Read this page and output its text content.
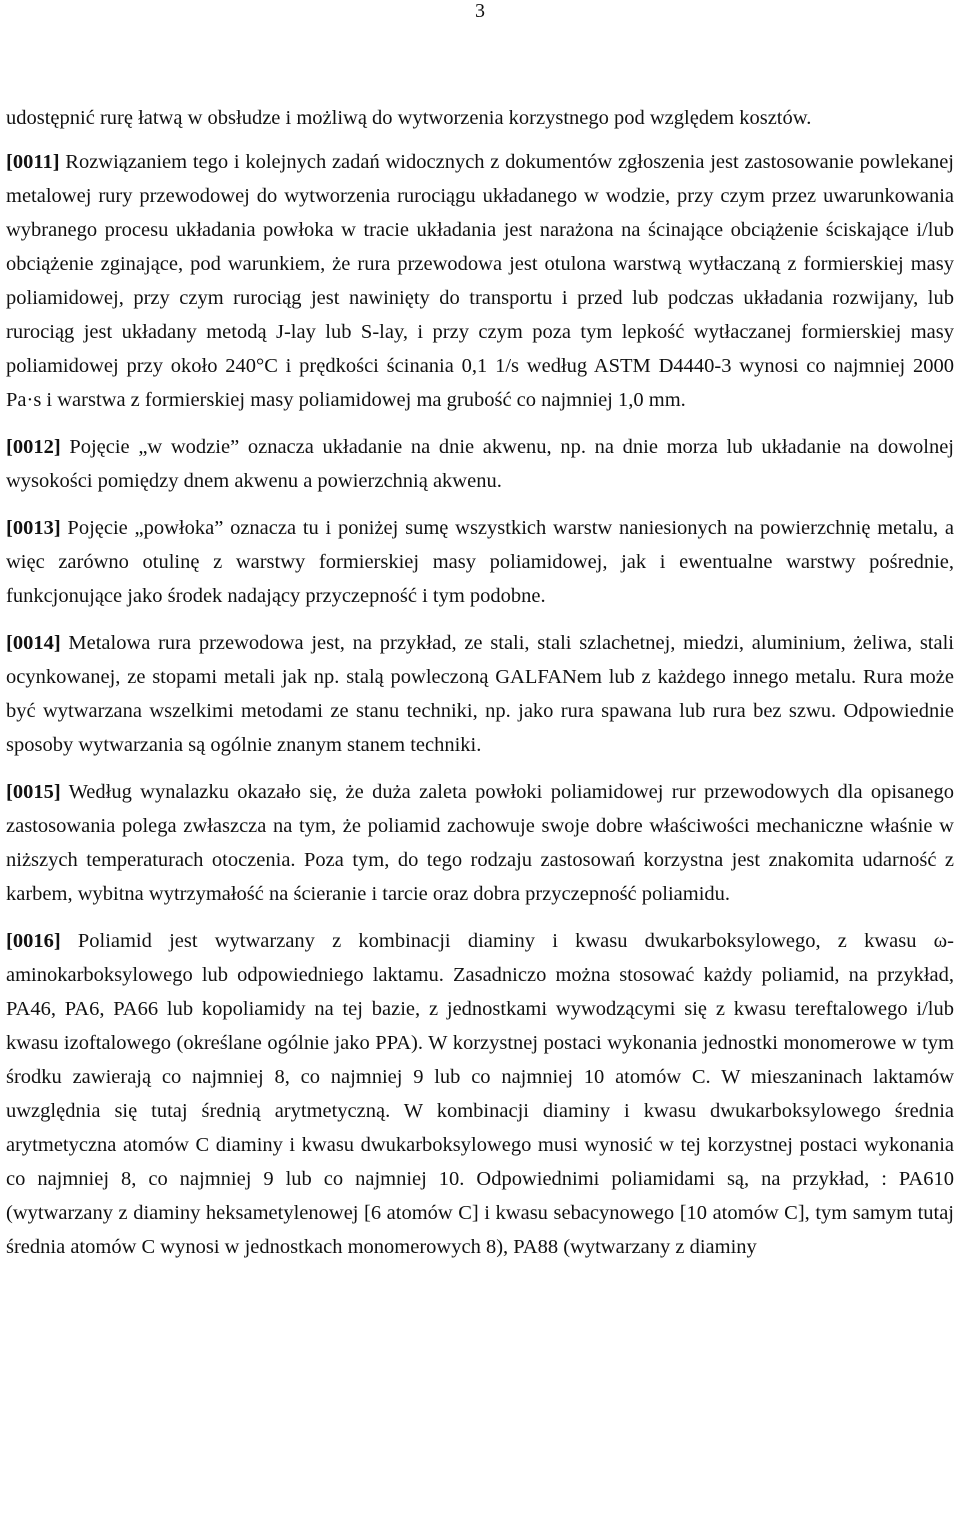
3

udostępnić rurę łatwą w obsłudze i możliwą do wytworzenia korzystnego pod względem kosztów.

[0011] Rozwiązaniem tego i kolejnych zadań widocznych z dokumentów zgłoszenia jest zastosowanie powlekanej metalowej rury przewodowej do wytworzenia rurociągu układanego w wodzie, przy czym przez uwarunkowania wybranego procesu układania powłoka w tracie układania jest narażona na ścinające obciążenie ściskające i/lub obciążenie zginające, pod warunkiem, że rura przewodowa jest otulona warstwą wytłaczaną z formierskiej masy poliamidowej, przy czym rurociąg jest nawinięty do transportu i przed lub podczas układania rozwijany, lub rurociąg jest układany metodą J-lay lub S-lay, i przy czym poza tym lepkość wytłaczanej formierskiej masy poliamidowej przy około 240°C i prędkości ścinania 0,1 1/s według ASTM D4440-3 wynosi co najmniej 2000 Pa·s i warstwa z formierskiej masy poliamidowej ma grubość co najmniej 1,0 mm.

[0012] Pojęcie „w wodzie” oznacza układanie na dnie akwenu, np. na dnie morza lub układanie na dowolnej wysokości pomiędzy dnem akwenu a powierzchnią akwenu.

[0013] Pojęcie „powłoka” oznacza tu i poniżej sumę wszystkich warstw naniesionych na powierzchnię metalu, a więc zarówno otulinę z warstwy formierskiej masy poliamidowej, jak i ewentualne warstwy pośrednie, funkcjonujące jako środek nadający przyczepność i tym podobne.

[0014] Metalowa rura przewodowa jest, na przykład, ze stali, stali szlachetnej, miedzi, aluminium, żeliwa, stali ocynkowanej, ze stopami metali jak np. stalą powleczoną GALFANem lub z każdego innego metalu. Rura może być wytwarzana wszelkimi metodami ze stanu techniki, np. jako rura spawana lub rura bez szwu. Odpowiednie sposoby wytwarzania są ogólnie znanym stanem techniki.

[0015] Według wynalazku okazało się, że duża zaleta powłoki poliamidowej rur przewodowych dla opisanego zastosowania polega zwłaszcza na tym, że poliamid zachowuje swoje dobre właściwości mechaniczne właśnie w niższych temperaturach otoczenia. Poza tym, do tego rodzaju zastosowań korzystna jest znakomita udarność z karbem, wybitna wytrzymałość na ścieranie i tarcie oraz dobra przyczepność poliamidu.

[0016] Poliamid jest wytwarzany z kombinacji diaminy i kwasu dwukarboksylowego, z kwasu ω-aminokarboksylowego lub odpowiedniego laktamu. Zasadniczo można stosować każdy poliamid, na przykład, PA46, PA6, PA66 lub kopoliamidy na tej bazie, z jednostkami wywodzącymi się z kwasu tereftalowego i/lub kwasu izoftalowego (określane ogólnie jako PPA). W korzystnej postaci wykonania jednostki monomerowe w tym środku zawierają co najmniej 8, co najmniej 9 lub co najmniej 10 atomów C. W mieszaninach laktamów uwzględnia się tutaj średnią arytmetyczną. W kombinacji diaminy i kwasu dwukarboksylowego średnia arytmetyczna atomów C diaminy i kwasu dwukarboksylowego musi wynosić w tej korzystnej postaci wykonania co najmniej 8, co najmniej 9 lub co najmniej 10. Odpowiednimi poliamidami są, na przykład, : PA610 (wytwarzany z diaminy heksametylenowej [6 atomów C] i kwasu sebacynowego [10 atomów C], tym samym tutaj średnia atomów C wynosi w jednostkach monomerowych 8), PA88 (wytwarzany z diaminy
